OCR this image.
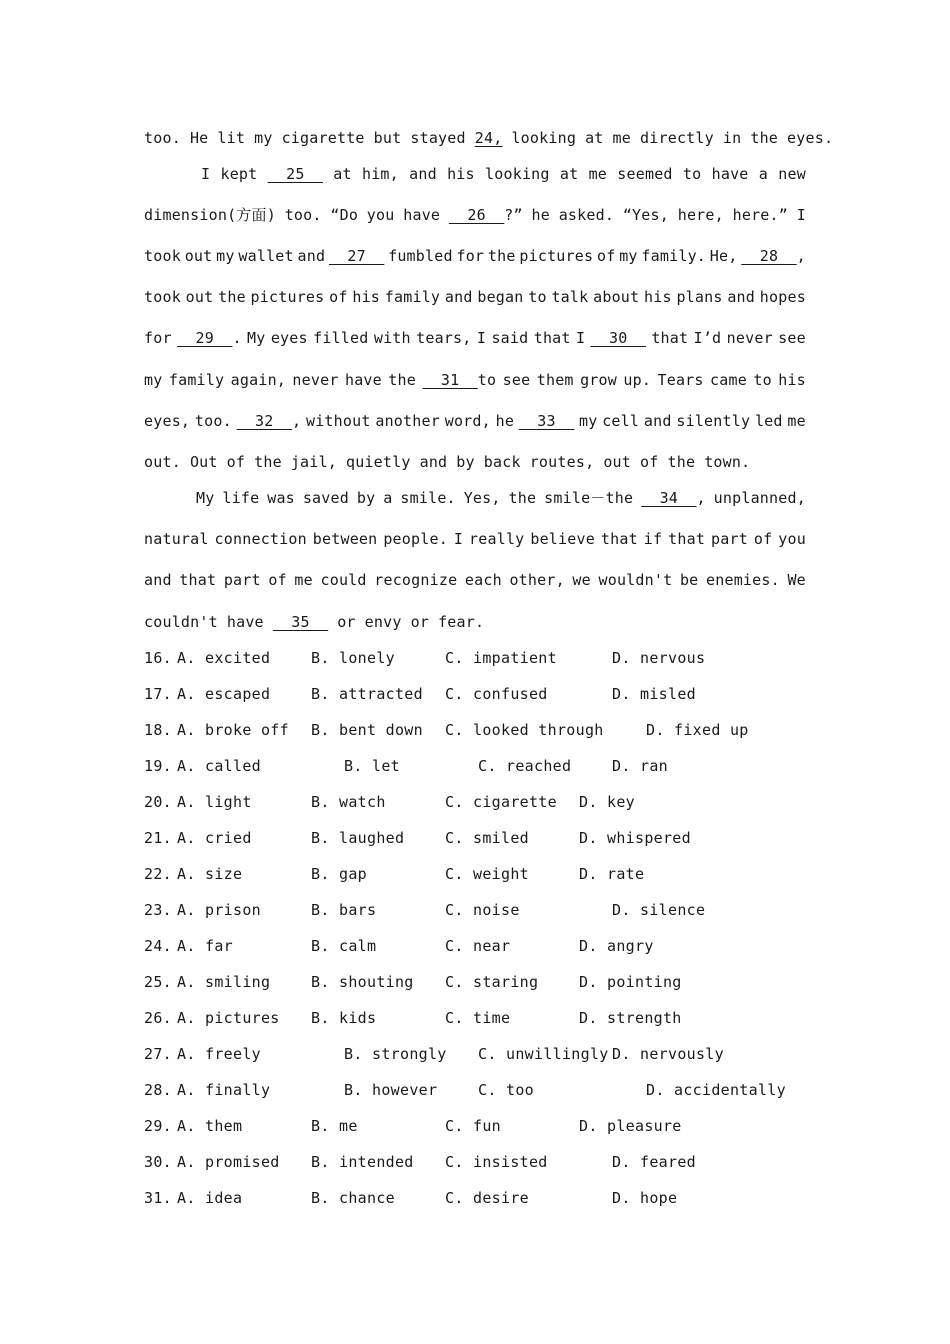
too. He lit my cigarette but stayed 24, looking at me directly in the eyes.
I kept 25 at him, and his looking at me seemed to have a new
dimension(方面) too. “Do you have 26  ?” he asked. “Yes, here, here.” I
took out my wallet and 27 fumbled for the pictures of my family. He, 28  ,
took out the pictures of his family and began to talk about his plans and hopes
for 29  . My eyes filled with tears, I said that I 30 that I’d never see
my family again, never have the 31  to see them grow up. Tears came to his
eyes, too. 32  , without another word, he 33 my cell and silently led me
out. Out of the jail, quietly and by back routes, out of the town.
My life was saved by a smile. Yes, the smile－the 34  , unplanned,
natural connection between people. I really believe that if that part of you
and that part of me could recognize each other, we wouldn't be enemies. We
couldn't have 35 or envy or fear.
16. A. excited	B. lonely	C. impatient	D. nervous
17. A. escaped	B. attracted C. confused	D. misled
18. A. broke off B. bent down C. looked through	D. fixed up
19. A. called	B. let	C. reached	D. ran
20. A. light	B. watch	C. cigarette D. key
21. A. cried	B. laughed	C. smiled	D. whispered
22. A. size	B. gap	C. weight	D. rate
23. A. prison	B. bars	C. noise	D. silence
24. A. far	B. calm	C. near	D. angry
25. A. smiling	B. shouting C. staring	D. pointing
26. A. pictures B. kids	C. time	D. strength
27. A. freely	B. strongly C. unwillingly D. nervously
28. A. finally	B. however	C. too	D. accidentally
29. A. them	B. me	C. fun	D. pleasure
30. A. promised B. intended C. insisted	D. feared
31. A. idea	B. chance	C. desire	D. hope
